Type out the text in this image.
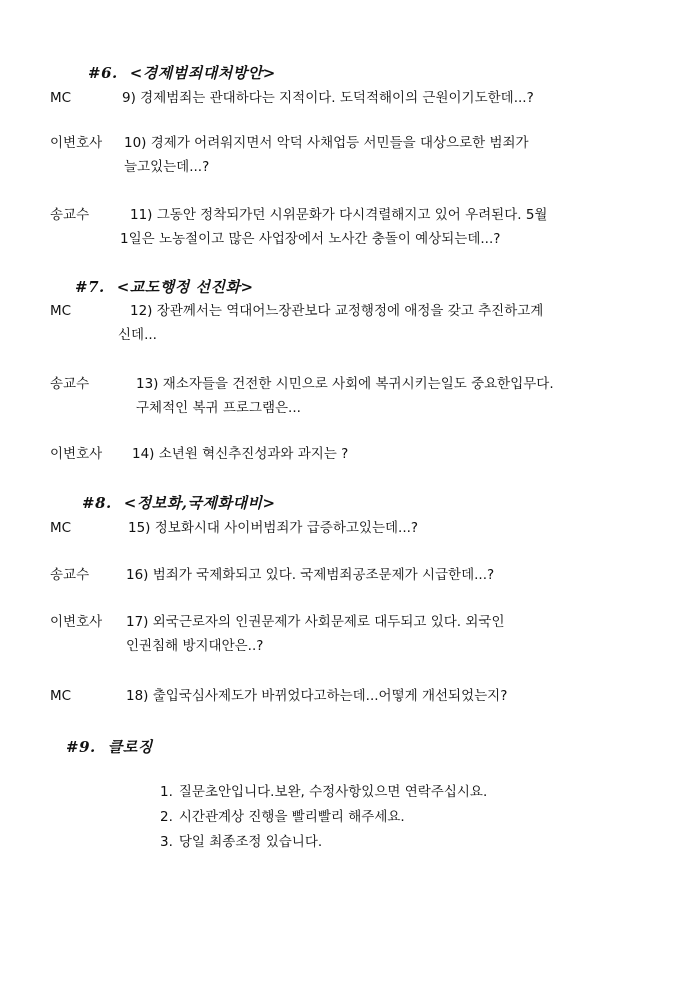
#6. <경제범죄대처방안>
MC	9) 경제범죄는 관대하다는 지적이다. 도덕적해이의 근원이기도한데...?
이변호사 10) 경제가 어려워지면서 악덕 사채업등 서민들을 대상으로한 범죄가
늘고있는데...?
송교수	11) 그동안 정착되가던 시위문화가 다시격렬해지고 있어 우려된다. 5월
1일은 노농절이고 많은 사업장에서 노사간 충돌이 예상되는데...?
#7. <교도행정 선진화>
MC	12) 장관께서는 역대어느장관보다 교정행정에 애정을 갖고 추진하고계
신데...
송교수	13) 재소자들을 건전한 시민으로 사회에 복귀시키는일도 중요한입무다.
구체적인 복귀 프로그램은...
이변호사 14) 소년원 혁신추진성과와 과지는 ?
#8. <정보화,국제화대비>
MC	15) 정보화시대 사이버범죄가 급증하고있는데...?
송교수	16) 범죄가 국제화되고 있다. 국제범죄공조문제가 시급한데...?
이변호사 17) 외국근로자의 인권문제가 사회문제로 대두되고 있다. 외국인
인권침해 방지대안은..?
MC	18) 출입국심사제도가 바뀌었다고하는데...어떻게 개선되었는지?
#9. 클로징
1. 질문초안입니다.보완, 수정사항있으면 연락주십시요.
2. 시간관계상 진행을 빨리빨리 해주세요.
3. 당일 최종조정 있습니다.
